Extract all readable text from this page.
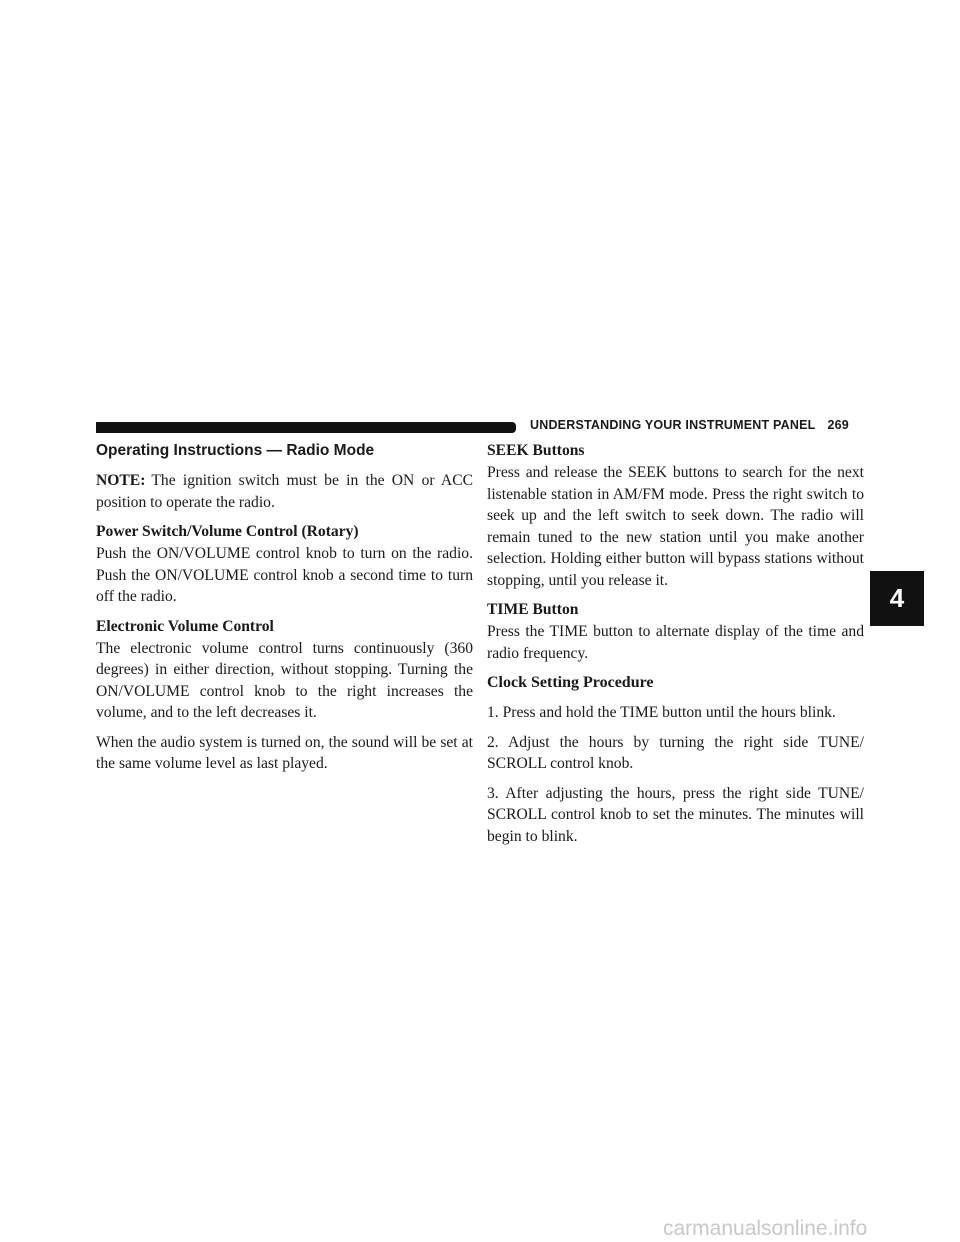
UNDERSTANDING YOUR INSTRUMENT PANEL 269
Operating Instructions — Radio Mode

NOTE: The ignition switch must be in the ON or ACC position to operate the radio.

Power Switch/Volume Control (Rotary)

Push the ON/VOLUME control knob to turn on the radio. Push the ON/VOLUME control knob a second time to turn off the radio.

Electronic Volume Control

The electronic volume control turns continuously (360 degrees) in either direction, without stopping. Turning the ON/VOLUME control knob to the right increases the volume, and to the left decreases it.

When the audio system is turned on, the sound will be set at the same volume level as last played.

SEEK Buttons

Press and release the SEEK buttons to search for the next listenable station in AM/FM mode. Press the right switch to seek up and the left switch to seek down. The radio will remain tuned to the new station until you make another selection. Holding either button will bypass stations without stopping, until you release it.

TIME Button

Press the TIME button to alternate display of the time and radio frequency.

Clock Setting Procedure

1. Press and hold the TIME button until the hours blink.

2. Adjust the hours by turning the right side TUNE/ SCROLL control knob.

3. After adjusting the hours, press the right side TUNE/ SCROLL control knob to set the minutes. The minutes will begin to blink.

4
carmanualsonline.info
